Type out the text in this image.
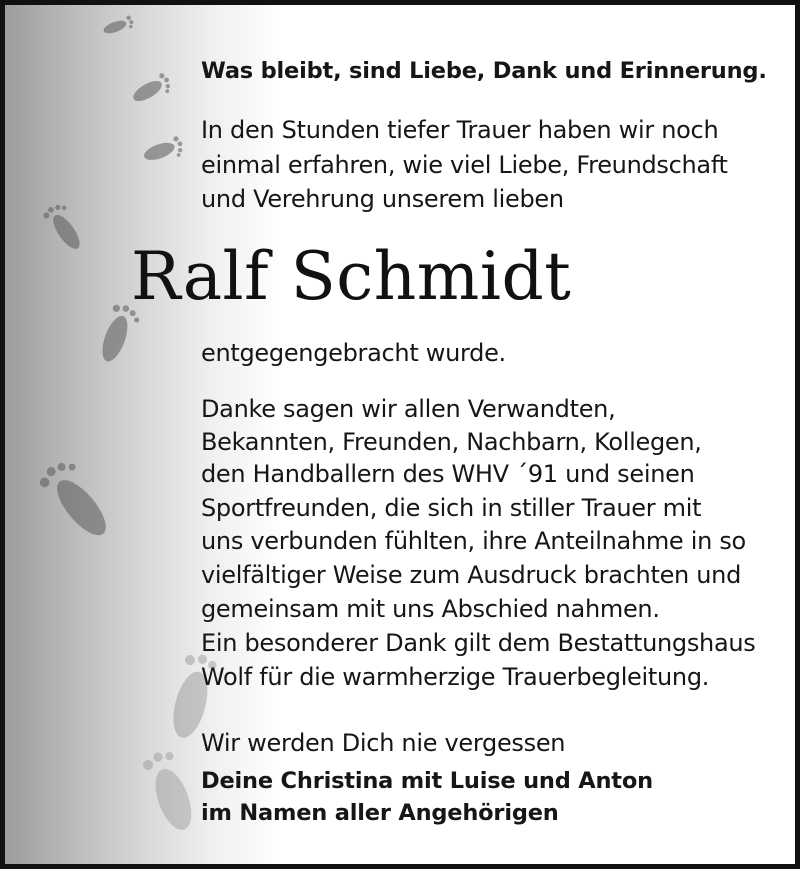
Was bleibt, sind Liebe, Dank und Erinnerung.
In den Stunden tiefer Trauer haben wir noch
einmal erfahren, wie viel Liebe, Freundschaft
und Verehrung unserem lieben
Ralf Schmidt
entgegengebracht wurde.
Danke sagen wir allen Verwandten,
Bekannten, Freunden, Nachbarn, Kollegen,
den Handballern des WHV ´91 und seinen
Sportfreunden, die sich in stiller Trauer mit
uns verbunden fühlten, ihre Anteilnahme in so
vielfältiger Weise zum Ausdruck brachten und
gemeinsam mit uns Abschied nahmen.
Ein besonderer Dank gilt dem Bestattungshaus
Wolf für die warmherzige Trauerbegleitung.
Wir werden Dich nie vergessen
Deine Christina mit Luise und Anton
im Namen aller Angehörigen
